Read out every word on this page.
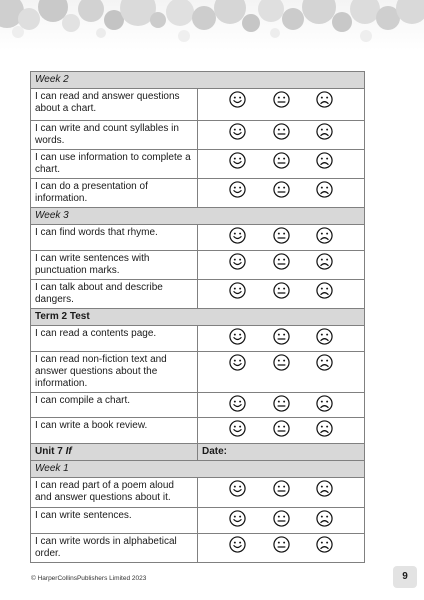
Week 2	
I can read and answer questions about a chart.	

I can write and count syllables in words.	

I can use information to complete a chart.	

I can do a presentation of information.	

Week 3	
I can find words that rhyme.	

I can write sentences with punctuation marks.	

I can talk about and describe dangers.	

Term 2 Test	
I can read a contents page.	

I can read non-fiction text and answer questions about the information.	

I can compile a chart.	

I can write a book review.	

Unit 7 If	Date:
Week 1	
I can read part of a poem aloud and answer questions about it.	

I can write sentences.	

I can write words in alphabetical order.	
© HarperCollinsPublishers Limited 2023	9
